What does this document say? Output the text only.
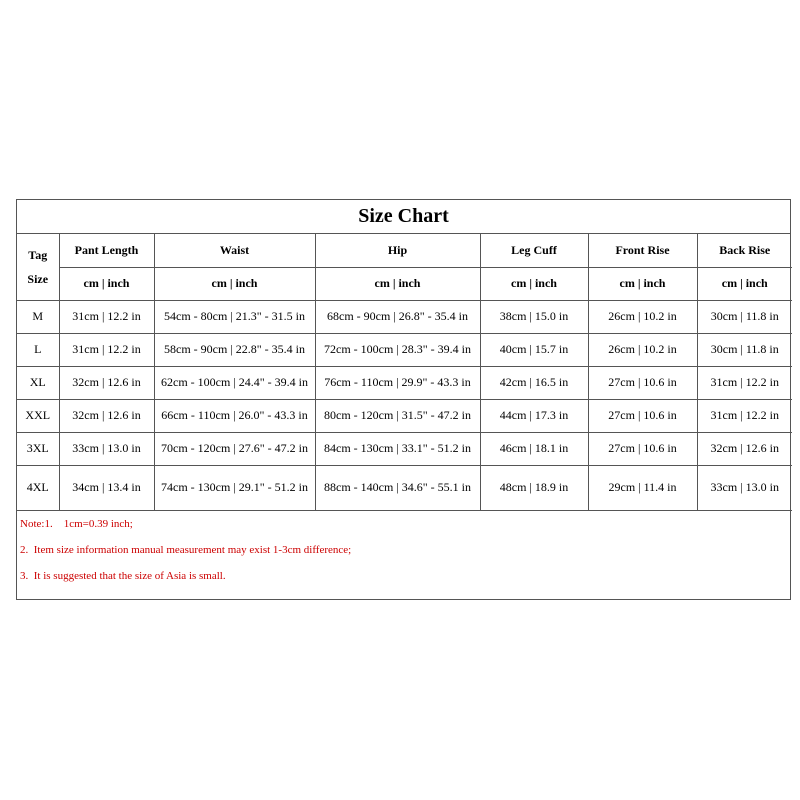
Size Chart
Tag
Size	Pant Length	Waist	Hip	Leg Cuff	Front Rise	Back Rise
	cm | inch	cm | inch	cm | inch	cm | inch	cm | inch	cm | inch
M	31cm | 12.2 in	54cm - 80cm | 21.3" - 31.5 in	68cm - 90cm | 26.8" - 35.4 in	38cm | 15.0 in	26cm | 10.2 in	30cm | 11.8 in
L	31cm | 12.2 in	58cm - 90cm | 22.8" - 35.4 in	72cm - 100cm | 28.3" - 39.4 in	40cm | 15.7 in	26cm | 10.2 in	30cm | 11.8 in
XL	32cm | 12.6 in	62cm - 100cm | 24.4" - 39.4 in	76cm - 110cm | 29.9" - 43.3 in	42cm | 16.5 in	27cm | 10.6 in	31cm | 12.2 in
XXL	32cm | 12.6 in	66cm - 110cm | 26.0" - 43.3 in	80cm - 120cm | 31.5" - 47.2 in	44cm | 17.3 in	27cm | 10.6 in	31cm | 12.2 in
3XL	33cm | 13.0 in	70cm - 120cm | 27.6" - 47.2 in	84cm - 130cm | 33.1" - 51.2 in	46cm | 18.1 in	27cm | 10.6 in	32cm | 12.6 in
4XL	34cm | 13.4 in	74cm - 130cm | 29.1" - 51.2 in	88cm - 140cm | 34.6" - 55.1 in	48cm | 18.9 in	29cm | 11.4 in	33cm | 13.0 in
Note:1.    1cm=0.39 inch;
2.  Item size information manual measurement may exist 1-3cm difference;
3.  It is suggested that the size of Asia is small.
